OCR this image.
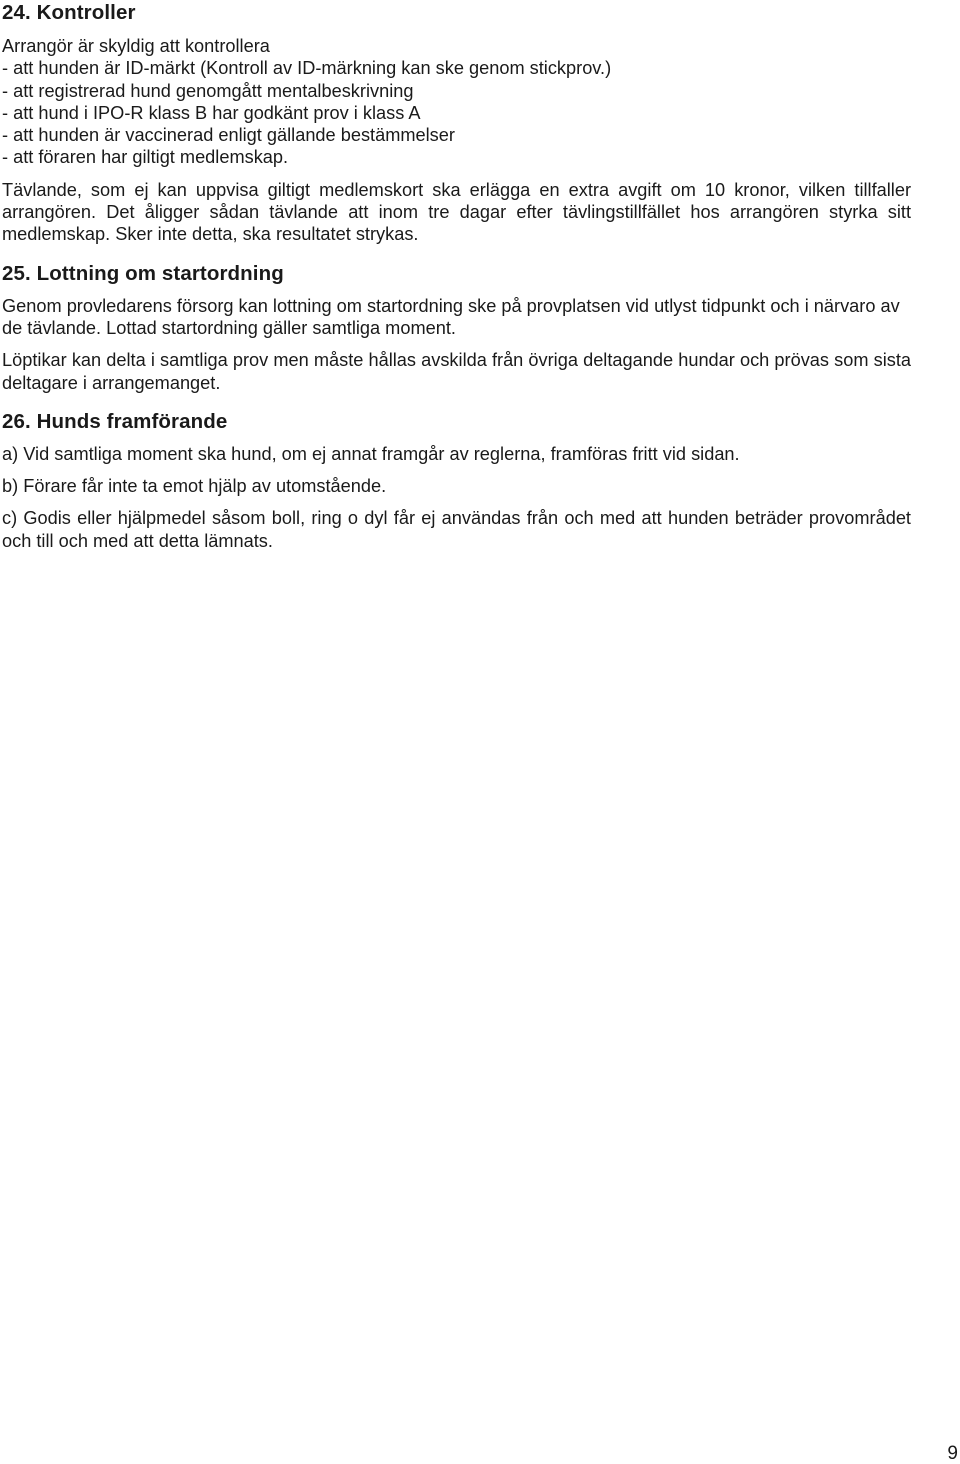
24. Kontroller
Arrangör är skyldig att kontrollera
- att hunden är ID-märkt (Kontroll av ID-märkning kan ske genom stickprov.)
- att registrerad hund genomgått mentalbeskrivning
- att hund i IPO-R klass B har godkänt prov i klass A
- att hunden är vaccinerad enligt gällande bestämmelser
- att föraren har giltigt medlemskap.

Tävlande, som ej kan uppvisa giltigt medlemskort ska erlägga en extra avgift om 10 kronor, vilken tillfaller arrangören. Det åligger sådan tävlande att inom tre dagar efter tävlingstillfället hos arrangören styrka sitt medlemskap. Sker inte detta, ska resultatet strykas.

25. Lottning om startordning

Genom provledarens försorg kan lottning om startordning ske på provplatsen vid utlyst tidpunkt och i närvaro av de tävlande. Lottad startordning gäller samtliga moment.

Löptikar kan delta i samtliga prov men måste hållas avskilda från övriga deltagande hundar och prövas som sista deltagare i arrangemanget.

26. Hunds framförande

a) Vid samtliga moment ska hund, om ej annat framgår av reglerna, framföras fritt vid sidan.

b) Förare får inte ta emot hjälp av utomstående.

c) Godis eller hjälpmedel såsom boll, ring o dyl får ej användas från och med att hunden beträder provområdet och till och med att detta lämnats.

9
